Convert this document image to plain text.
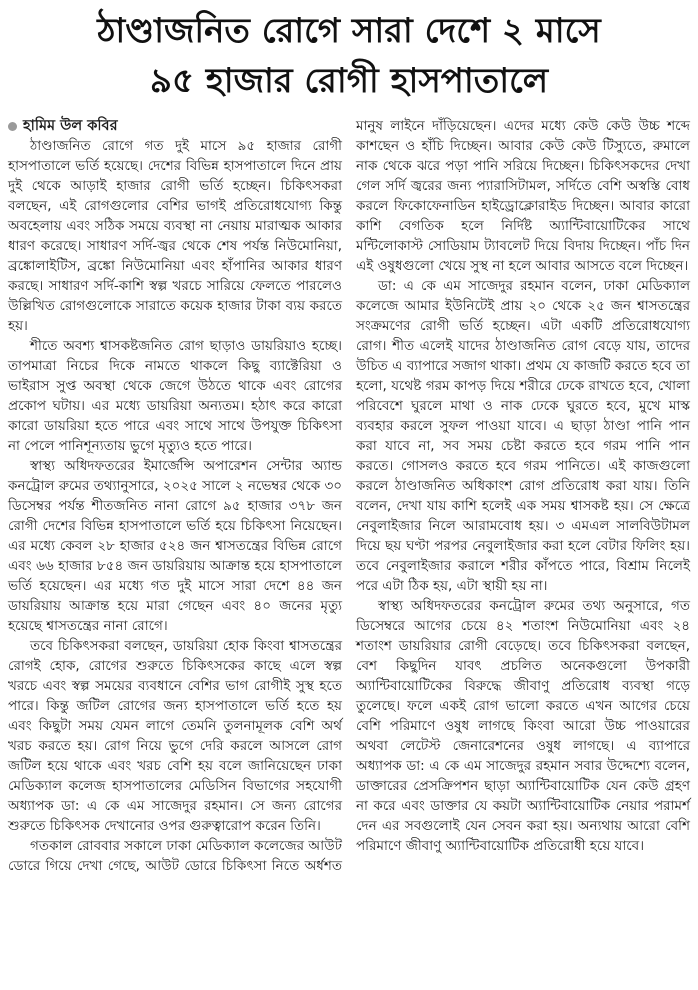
ঠাণ্ডাজনিত রোগে সারা দেশে ২ মাসে
৯৫ হাজার রোগী হাসপাতালে
হামিম উল কবির

ঠাণ্ডাজনিত রোগে গত দুই মাসে ৯৫ হাজার রোগী হাসপাতালে ভর্তি হয়েছে। দেশের বিভিন্ন হাসপাতালে দিনে প্রায় দুই থেকে আড়াই হাজার রোগী ভর্তি হচ্ছেন। চিকিৎসকরা বলছেন, এই রোগগুলোর বেশির ভাগই প্রতিরোধযোগ্য কিন্তু অবহেলায় এবং সঠিক সময়ে ব্যবস্থা না নেয়ায় মারাত্মক আকার ধারণ করেছে। সাধারণ সর্দি-জ্বর থেকে শেষ পর্যন্ত নিউমোনিয়া, ব্রঙ্কোলাইটিস, ব্রঙ্কো নিউমোনিয়া এবং হাঁপানির আকার ধারণ করছে। সাধারণ সর্দি-কাশি স্বল্প খরচে সারিয়ে ফেলতে পারলেও উল্লিখিত রোগগুলোকে সারাতে কয়েক হাজার টাকা ব্যয় করতে হয়।

শীতে অবশ্য শ্বাসকষ্টজনিত রোগ ছাড়াও ডায়রিয়াও হচ্ছে। তাপমাত্রা নিচের দিকে নামতে থাকলে কিছু ব্যাক্টেরিয়া ও ভাইরাস সুপ্ত অবস্থা থেকে জেগে উঠতে থাকে এবং রোগের প্রকোপ ঘটায়। এর মধ্যে ডায়রিয়া অন্যতম। হঠাৎ করে কারো কারো ডায়রিয়া হতে পারে এবং সাথে সাথে উপযুক্ত চিকিৎসা না পেলে পানিশূন্যতায় ভুগে মৃত্যুও হতে পারে।

স্বাস্থ্য অধিদফতরের ইমার্জেন্সি অপারেশন সেন্টার অ্যান্ড কনট্রোল রুমের তথ্যানুসারে, ২০২৫ সালে ২ নভেম্বর থেকে ৩০ ডিসেম্বর পর্যন্ত শীতজনিত নানা রোগে ৯৫ হাজার ৩৭৮ জন রোগী দেশের বিভিন্ন হাসপাতালে ভর্তি হয়ে চিকিৎসা নিয়েছেন। এর মধ্যে কেবল ২৮ হাজার ৫২৪ জন শ্বাসতন্ত্রের বিভিন্ন রোগে এবং ৬৬ হাজার ৮৫৪ জন ডায়রিয়ায় আক্রান্ত হয়ে হাসপাতালে ভর্তি হয়েছেন। এর মধ্যে গত দুই মাসে সারা দেশে ৪৪ জন ডায়রিয়ায় আক্রান্ত হয়ে মারা গেছেন এবং ৪০ জনের মৃত্যু হয়েছে শ্বাসতন্ত্রের নানা রোগে।

তবে চিকিৎসকরা বলছেন, ডায়রিয়া হোক কিংবা শ্বাসতন্ত্রের রোগই হোক, রোগের শুরুতে চিকিৎসকের কাছে এলে স্বল্প খরচে এবং স্বল্প সময়ের ব্যবধানে বেশির ভাগ রোগীই সুস্থ হতে পারে। কিন্তু জটিল রোগের জন্য হাসপাতালে ভর্তি হতে হয় এবং কিছুটা সময় যেমন লাগে তেমনি তুলনামূলক বেশি অর্থ খরচ করতে হয়। রোগ নিয়ে ভুগে দেরি করলে আসলে রোগ জটিল হয়ে থাকে এবং খরচ বেশি হয় বলে জানিয়েছেন ঢাকা মেডিক্যাল কলেজ হাসপাতালের মেডিসিন বিভাগের সহযোগী অধ্যাপক ডা: এ কে এম সাজেদুর রহমান। সে জন্য রোগের শুরুতে চিকিৎসক দেখানোর ওপর গুরুত্বারোপ করেন তিনি।

গতকাল রোববার সকালে ঢাকা মেডিক্যাল কলেজের আউট ডোরে গিয়ে দেখা গেছে, আউট ডোরে চিকিৎসা নিতে অর্ধশত মানুষ লাইনে দাঁড়িয়েছেন। এদের মধ্যে কেউ কেউ উচ্চ শব্দে কাশছেন ও হাঁচি দিচ্ছেন। আবার কেউ কেউ টিস্যুতে, রুমালে নাক থেকে ঝরে পড়া পানি সরিয়ে দিচ্ছেন। চিকিৎসকদের দেখা গেল সর্দি জ্বরের জন্য প্যারাসিটামল, সর্দিতে বেশি অস্বস্তি বোধ করলে ফিকোফেনাডিন হাইড্রোক্লোরাইড দিচ্ছেন। আবার কারো কাশি বেগতিক হলে নির্দিষ্ট অ্যান্টিবায়োটিকের সাথে মন্টিলোকাস্ট সোডিয়াম ট্যাবলেট দিয়ে বিদায় দিচ্ছেন। পাঁচ দিন এই ওষুধগুলো খেয়ে সুস্থ না হলে আবার আসতে বলে দিচ্ছেন।

ডা: এ কে এম সাজেদুর রহমান বলেন, ঢাকা মেডিক্যাল কলেজে আমার ইউনিটেই প্রায় ২০ থেকে ২৫ জন শ্বাসতন্ত্রের সংক্রমণের রোগী ভর্তি হচ্ছেন। এটা একটি প্রতিরোধযোগ্য রোগ। শীত এলেই যাদের ঠাণ্ডাজনিত রোগ বেড়ে যায়, তাদের উচিত এ ব্যাপারে সজাগ থাকা। প্রথম যে কাজটি করতে হবে তা হলো, যথেষ্ট গরম কাপড় দিয়ে শরীরে ঢেকে রাখতে হবে, খোলা পরিবেশে ঘুরলে মাথা ও নাক ঢেকে ঘুরতে হবে, মুখে মাস্ক ব্যবহার করলে সুফল পাওয়া যাবে। এ ছাড়া ঠাণ্ডা পানি পান করা যাবে না, সব সময় চেষ্টা করতে হবে গরম পানি পান করতে। গোসলও করতে হবে গরম পানিতে। এই কাজগুলো করলে ঠাণ্ডাজনিত অধিকাংশ রোগ প্রতিরোধ করা যায়। তিনি বলেন, দেখা যায় কাশি হলেই এক সময় শ্বাসকষ্ট হয়। সে ক্ষেত্রে নেবুলাইজার নিলে আরামবোধ হয়। ৩ এমএল সালবিউটামল দিয়ে ছয় ঘণ্টা পরপর নেবুলাইজার করা হলে বেটার ফিলিং হয়। তবে নেবুলাইজার করালে শরীর কাঁপতে পারে, বিশ্রাম নিলেই পরে এটা ঠিক হয়, এটা স্থায়ী হয় না।

স্বাস্থ্য অধিদফতরের কনট্রোল রুমের তথ্য অনুসারে, গত ডিসেম্বরে আগের চেয়ে ৪২ শতাংশ নিউমোনিয়া এবং ২৪ শতাংশ ডায়রিয়ার রোগী বেড়েছে। তবে চিকিৎসকরা বলছেন, বেশ কিছুদিন যাবৎ প্রচলিত অনেকগুলো উপকারী অ্যান্টিবায়োটিকের বিরুদ্ধে জীবাণু প্রতিরোধ ব্যবস্থা গড়ে তুলেছে। ফলে একই রোগ ভালো করতে এখন আগের চেয়ে বেশি পরিমাণে ওষুধ লাগছে কিংবা আরো উচ্চ পাওয়ারের অথবা লেটেস্ট জেনারেশনের ওষুধ লাগছে। এ ব্যাপারে অধ্যাপক ডা: এ কে এম সাজেদুর রহমান সবার উদ্দেশ্যে বলেন, ডাক্তারের প্রেসক্রিপশন ছাড়া অ্যান্টিবায়োটিক যেন কেউ গ্রহণ না করে এবং ডাক্তার যে কয়টা অ্যান্টিবায়োটিক নেয়ার পরামর্শ দেন এর সবগুলোই যেন সেবন করা হয়। অন্যথায় আরো বেশি পরিমাণে জীবাণু অ্যান্টিবায়োটিক প্রতিরোধী হয়ে যাবে।
